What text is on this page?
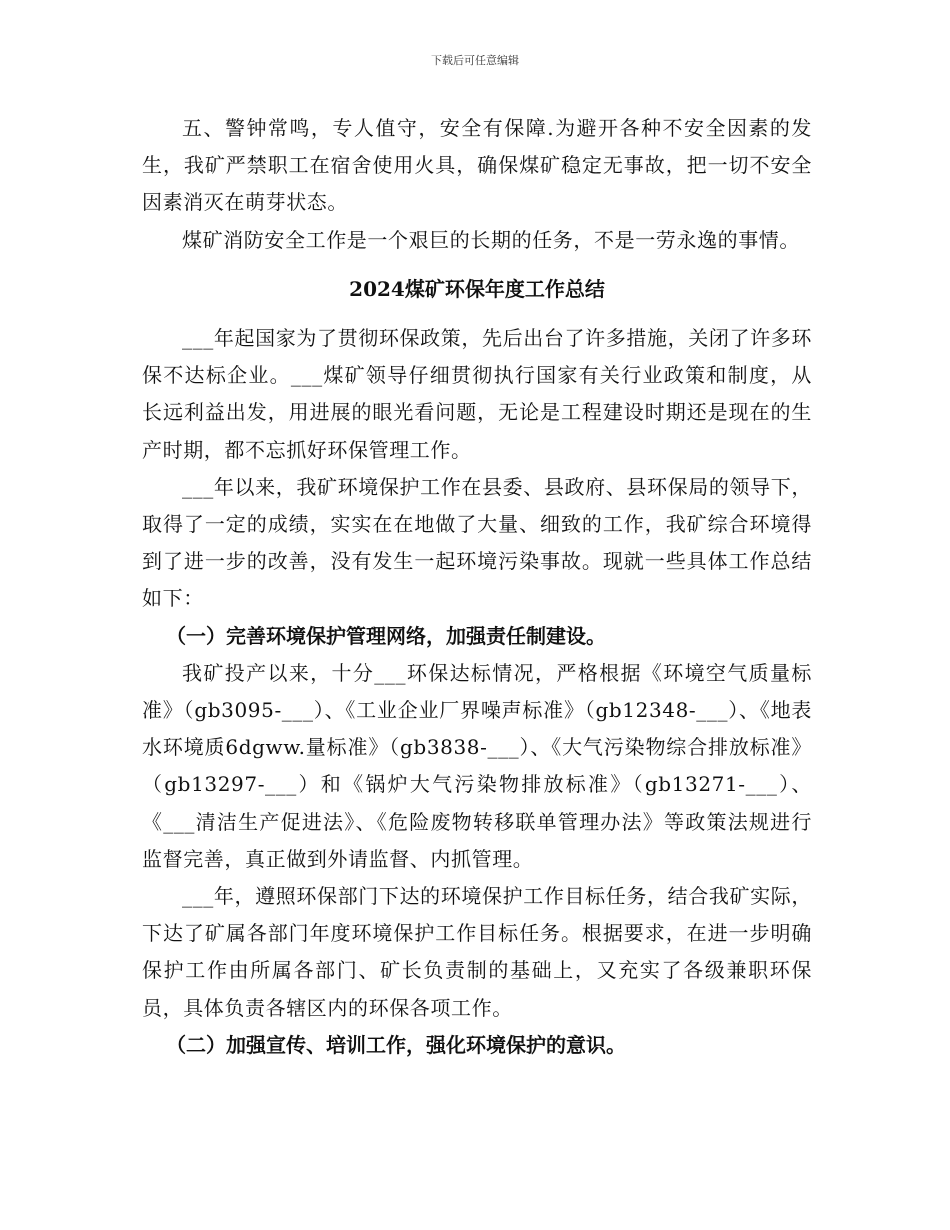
下载后可任意编辑

五、警钟常鸣，专人值守，安全有保障.为避开各种不安全因素的发生，我矿严禁职工在宿舍使用火具，确保煤矿稳定无事故，把一切不安全因素消灭在萌芽状态。

煤矿消防安全工作是一个艰巨的长期的任务，不是一劳永逸的事情。

2024煤矿环保年度工作总结

___年起国家为了贯彻环保政策，先后出台了许多措施，关闭了许多环保不达标企业。___煤矿领导仔细贯彻执行国家有关行业政策和制度，从长远利益出发，用进展的眼光看问题，无论是工程建设时期还是现在的生产时期，都不忘抓好环保管理工作。

___年以来，我矿环境保护工作在县委、县政府、县环保局的领导下，取得了一定的成绩，实实在在地做了大量、细致的工作，我矿综合环境得到了进一步的改善，没有发生一起环境污染事故。现就一些具体工作总结如下：

（一）完善环境保护管理网络，加强责任制建设。

我矿投产以来，十分___环保达标情况，严格根据《环境空气质量标准》（gb3095-___）、《工业企业厂界噪声标准》（gb12348-___）、《地表水环境质6dgww.量标准》（gb3838-___）、《大气污染物综合排放标准》（gb13297-___）和《锅炉大气污染物排放标准》（gb13271-___）、《___清洁生产促进法》、《危险废物转移联单管理办法》等政策法规进行监督完善，真正做到外请监督、内抓管理。

___年，遵照环保部门下达的环境保护工作目标任务，结合我矿实际，下达了矿属各部门年度环境保护工作目标任务。根据要求，在进一步明确保护工作由所属各部门、矿长负责制的基础上，又充实了各级兼职环保员，具体负责各辖区内的环保各项工作。

（二）加强宣传、培训工作，强化环境保护的意识。
